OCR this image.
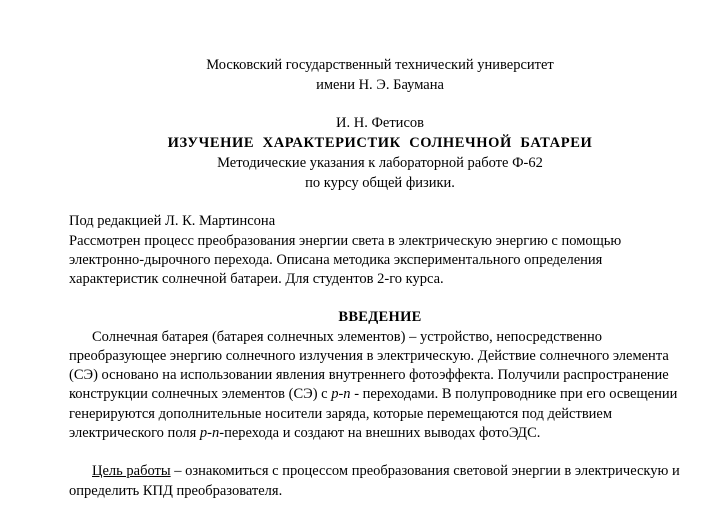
Московский государственный технический университет
имени Н. Э. Баумана
И. Н. Фетисов
ИЗУЧЕНИЕ  ХАРАКТЕРИСТИК  СОЛНЕЧНОЙ  БАТАРЕИ
Методические указания к лабораторной работе Ф-62
по курсу общей физики.
Под редакцией Л. К. Мартинсона
Рассмотрен процесс преобразования энергии света в электрическую энергию с помощью
электронно-дырочного перехода. Описана методика экспериментального определения
характеристик солнечной батареи. Для студентов 2-го курса.
ВВЕДЕНИЕ
Солнечная батарея (батарея солнечных элементов) – устройство, непосредственно
преобразующее энергию солнечного излучения в электрическую. Действие солнечного элемента
(СЭ) основано на использовании явления внутреннего фотоэффекта. Получили распространение
конструкции солнечных элементов (СЭ) с p-n - переходами. В полупроводнике при его освещении
генерируются дополнительные носители заряда, которые перемещаются под действием
электрического поля p-n-перехода и создают на внешних выводах фотоЭДС.
Цель работы – ознакомиться с процессом преобразования световой энергии в электрическую и
определить КПД преобразователя.
